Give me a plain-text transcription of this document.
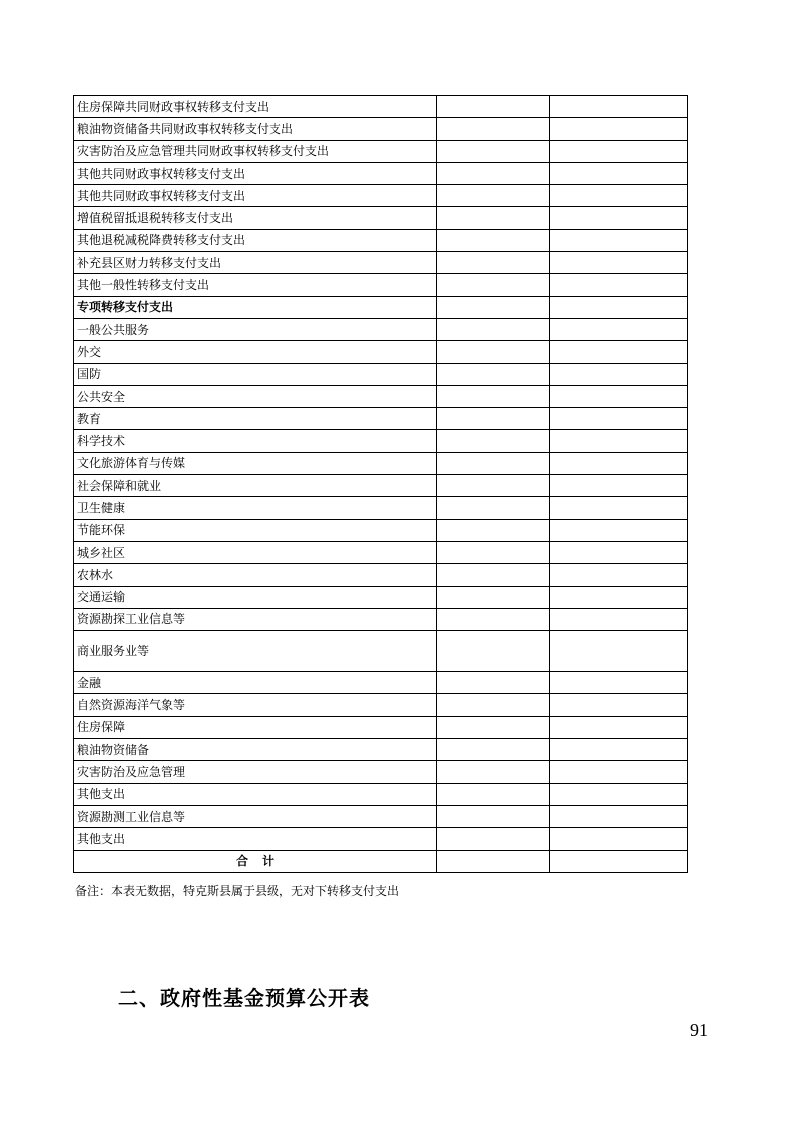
住房保障共同财政事权转移支付支出		
粮油物资储备共同财政事权转移支付支出		
灾害防治及应急管理共同财政事权转移支付支出		
其他共同财政事权转移支付支出		
其他共同财政事权转移支付支出		
增值税留抵退税转移支付支出		
其他退税减税降费转移支付支出		
补充县区财力转移支付支出		
其他一般性转移支付支出		
专项转移支付支出		
一般公共服务		
外交		
国防		
公共安全		
教育		
科学技术		
文化旅游体育与传媒		
社会保障和就业		
卫生健康		
节能环保		
城乡社区		
农林水		
交通运输		
资源勘探工业信息等		
商业服务业等		
金融		
自然资源海洋气象等		
住房保障		
粮油物资储备		
灾害防治及应急管理		
其他支出		
资源勘测工业信息等		
其他支出		
合计		
备注：本表无数据，特克斯县属于县级，无对下转移支付支出
二、政府性基金预算公开表
91
